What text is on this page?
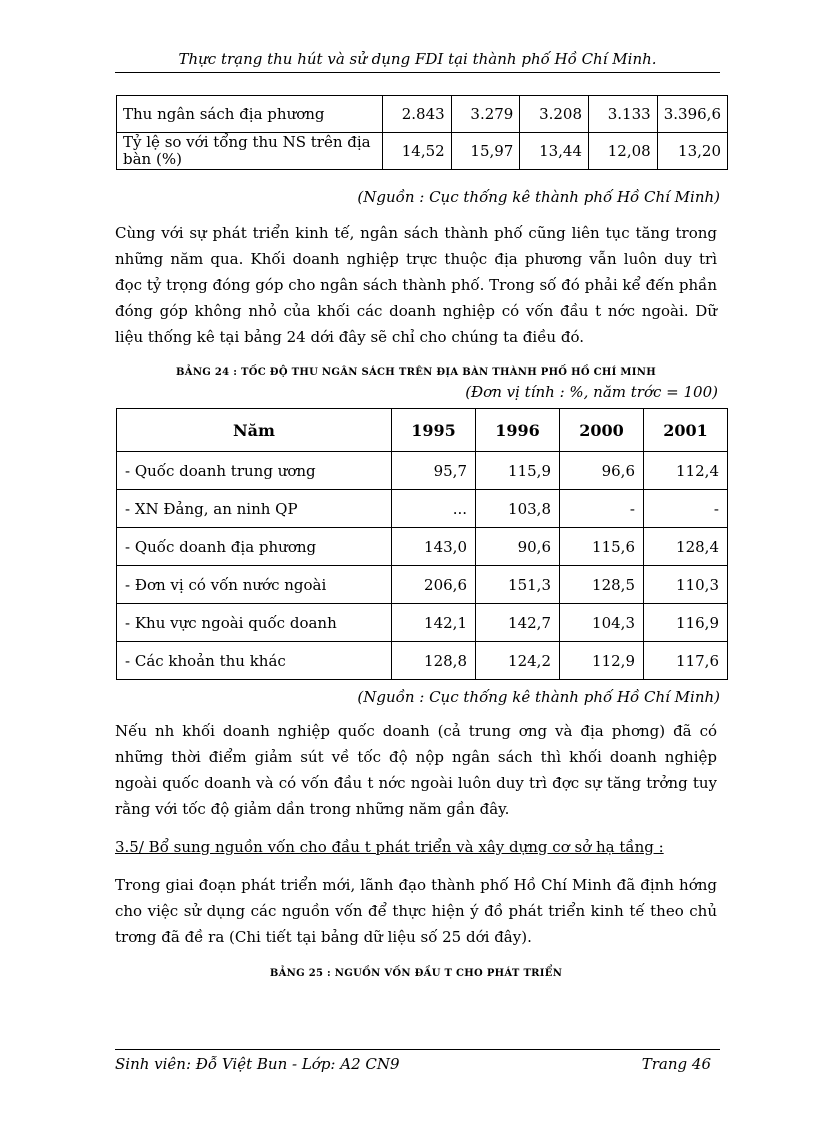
Thực trạng thu hút và sử dụng FDI tại thành phố Hồ Chí Minh.
Thu ngân sách địa phương	2.843	3.279	3.208	3.133	3.396,6
Tỷ lệ so với tổng thu NS trên địa bàn (%)	14,52	15,97	13,44	12,08	13,20
(Nguồn : Cục thống kê thành phố Hồ Chí Minh)

Cùng với sự phát triển kinh tế, ngân sách thành phố cũng liên tục tăng trong những năm qua. Khối doanh nghiệp trực thuộc địa phương vẫn luôn duy trì đọc tỷ trọng đóng góp cho ngân sách thành phố. Trong số đó phải kể đến phần đóng góp không nhỏ của khối các doanh nghiệp có vốn đầu t nớc ngoài. Dữ liệu thống kê tại bảng 24 dới đây sẽ chỉ cho chúng ta điều đó.

BẢNG 24 : TỐC ĐỘ THU NGÂN SÁCH TRÊN ĐỊA BÀN THÀNH PHỐ HỒ CHÍ MINH
(Đơn vị tính : %, năm trớc = 100)
Năm	1995	1996	2000	2001
- Quốc doanh trung ương	95,7	115,9	96,6	112,4
- XN Đảng, an ninh QP	...	103,8	-	-
- Quốc doanh địa phương	143,0	90,6	115,6	128,4
- Đơn vị có vốn nước ngoài	206,6	151,3	128,5	110,3
- Khu vực ngoài quốc doanh	142,1	142,7	104,3	116,9
- Các khoản thu khác	128,8	124,2	112,9	117,6
(Nguồn : Cục thống kê thành phố Hồ Chí Minh)

Nếu nh khối doanh nghiệp quốc doanh (cả trung ơng và địa phơng) đã có những thời điểm giảm sút về tốc độ nộp ngân sách thì khối doanh nghiệp ngoài quốc doanh và có vốn đầu t nớc ngoài luôn duy trì đợc sự tăng trởng tuy rằng với tốc độ giảm dần trong những năm gần đây.

3.5/ Bổ sung nguồn vốn cho đầu t phát triển và xây dựng cơ sở hạ tầng :

Trong giai đoạn phát triển mới, lãnh đạo thành phố Hồ Chí Minh đã định hớng cho việc sử dụng các nguồn vốn để thực hiện ý đồ phát triển kinh tế theo chủ trơng đã đề ra (Chi tiết tại bảng dữ liệu số 25 dới đây).

BẢNG 25 : NGUỒN VỐN ĐẦU T CHO PHÁT TRIỂN
Sinh viên: Đỗ Việt Bun - Lớp: A2 CN9	Trang 46
